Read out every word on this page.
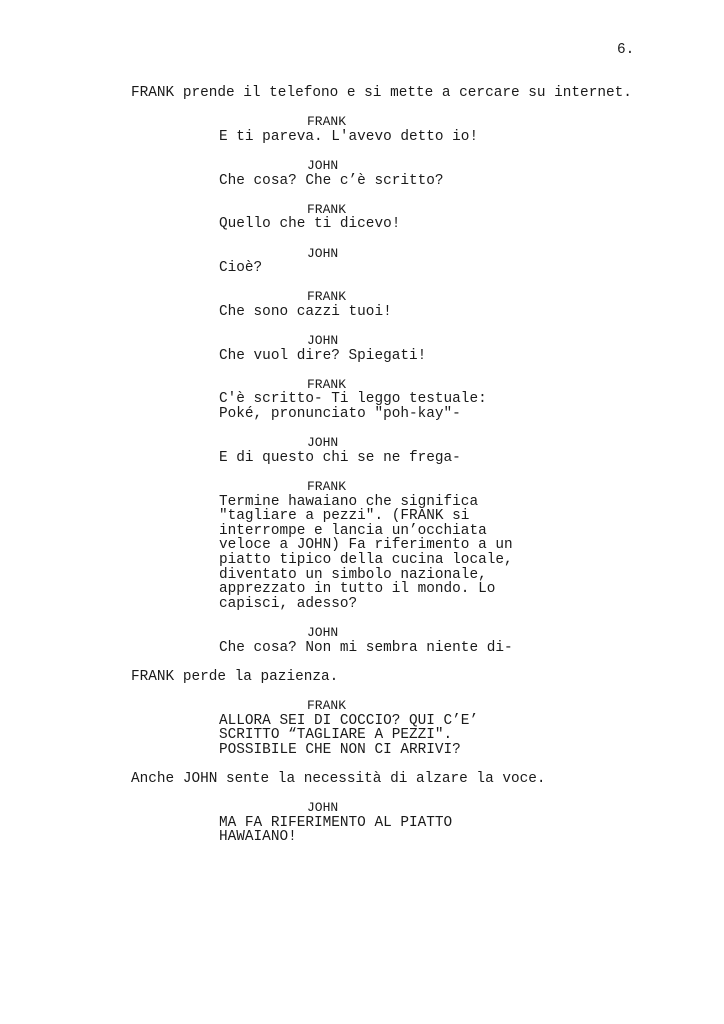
6.
FRANK prende il telefono e si mette a cercare su internet.
FRANK
E ti pareva. L'avevo detto io!
JOHN
Che cosa? Che c’è scritto?
FRANK
Quello che ti dicevo!
JOHN
Cioè?
FRANK
Che sono cazzi tuoi!
JOHN
Che vuol dire? Spiegati!
FRANK
C'è scritto- Ti leggo testuale:
Poké, pronunciato "poh-kay"-
JOHN
E di questo chi se ne frega-
FRANK
Termine hawaiano che significa
"tagliare a pezzi". (FRANK si
interrompe e lancia un’occhiata
veloce a JOHN) Fa riferimento a un
piatto tipico della cucina locale,
diventato un simbolo nazionale,
apprezzato in tutto il mondo. Lo
capisci, adesso?
JOHN
Che cosa? Non mi sembra niente di-
FRANK perde la pazienza.
FRANK
ALLORA SEI DI COCCIO? QUI C’E’
SCRITTO “TAGLIARE A PEZZI".
POSSIBILE CHE NON CI ARRIVI?
Anche JOHN sente la necessità di alzare la voce.
JOHN
MA FA RIFERIMENTO AL PIATTO
HAWAIANO!
